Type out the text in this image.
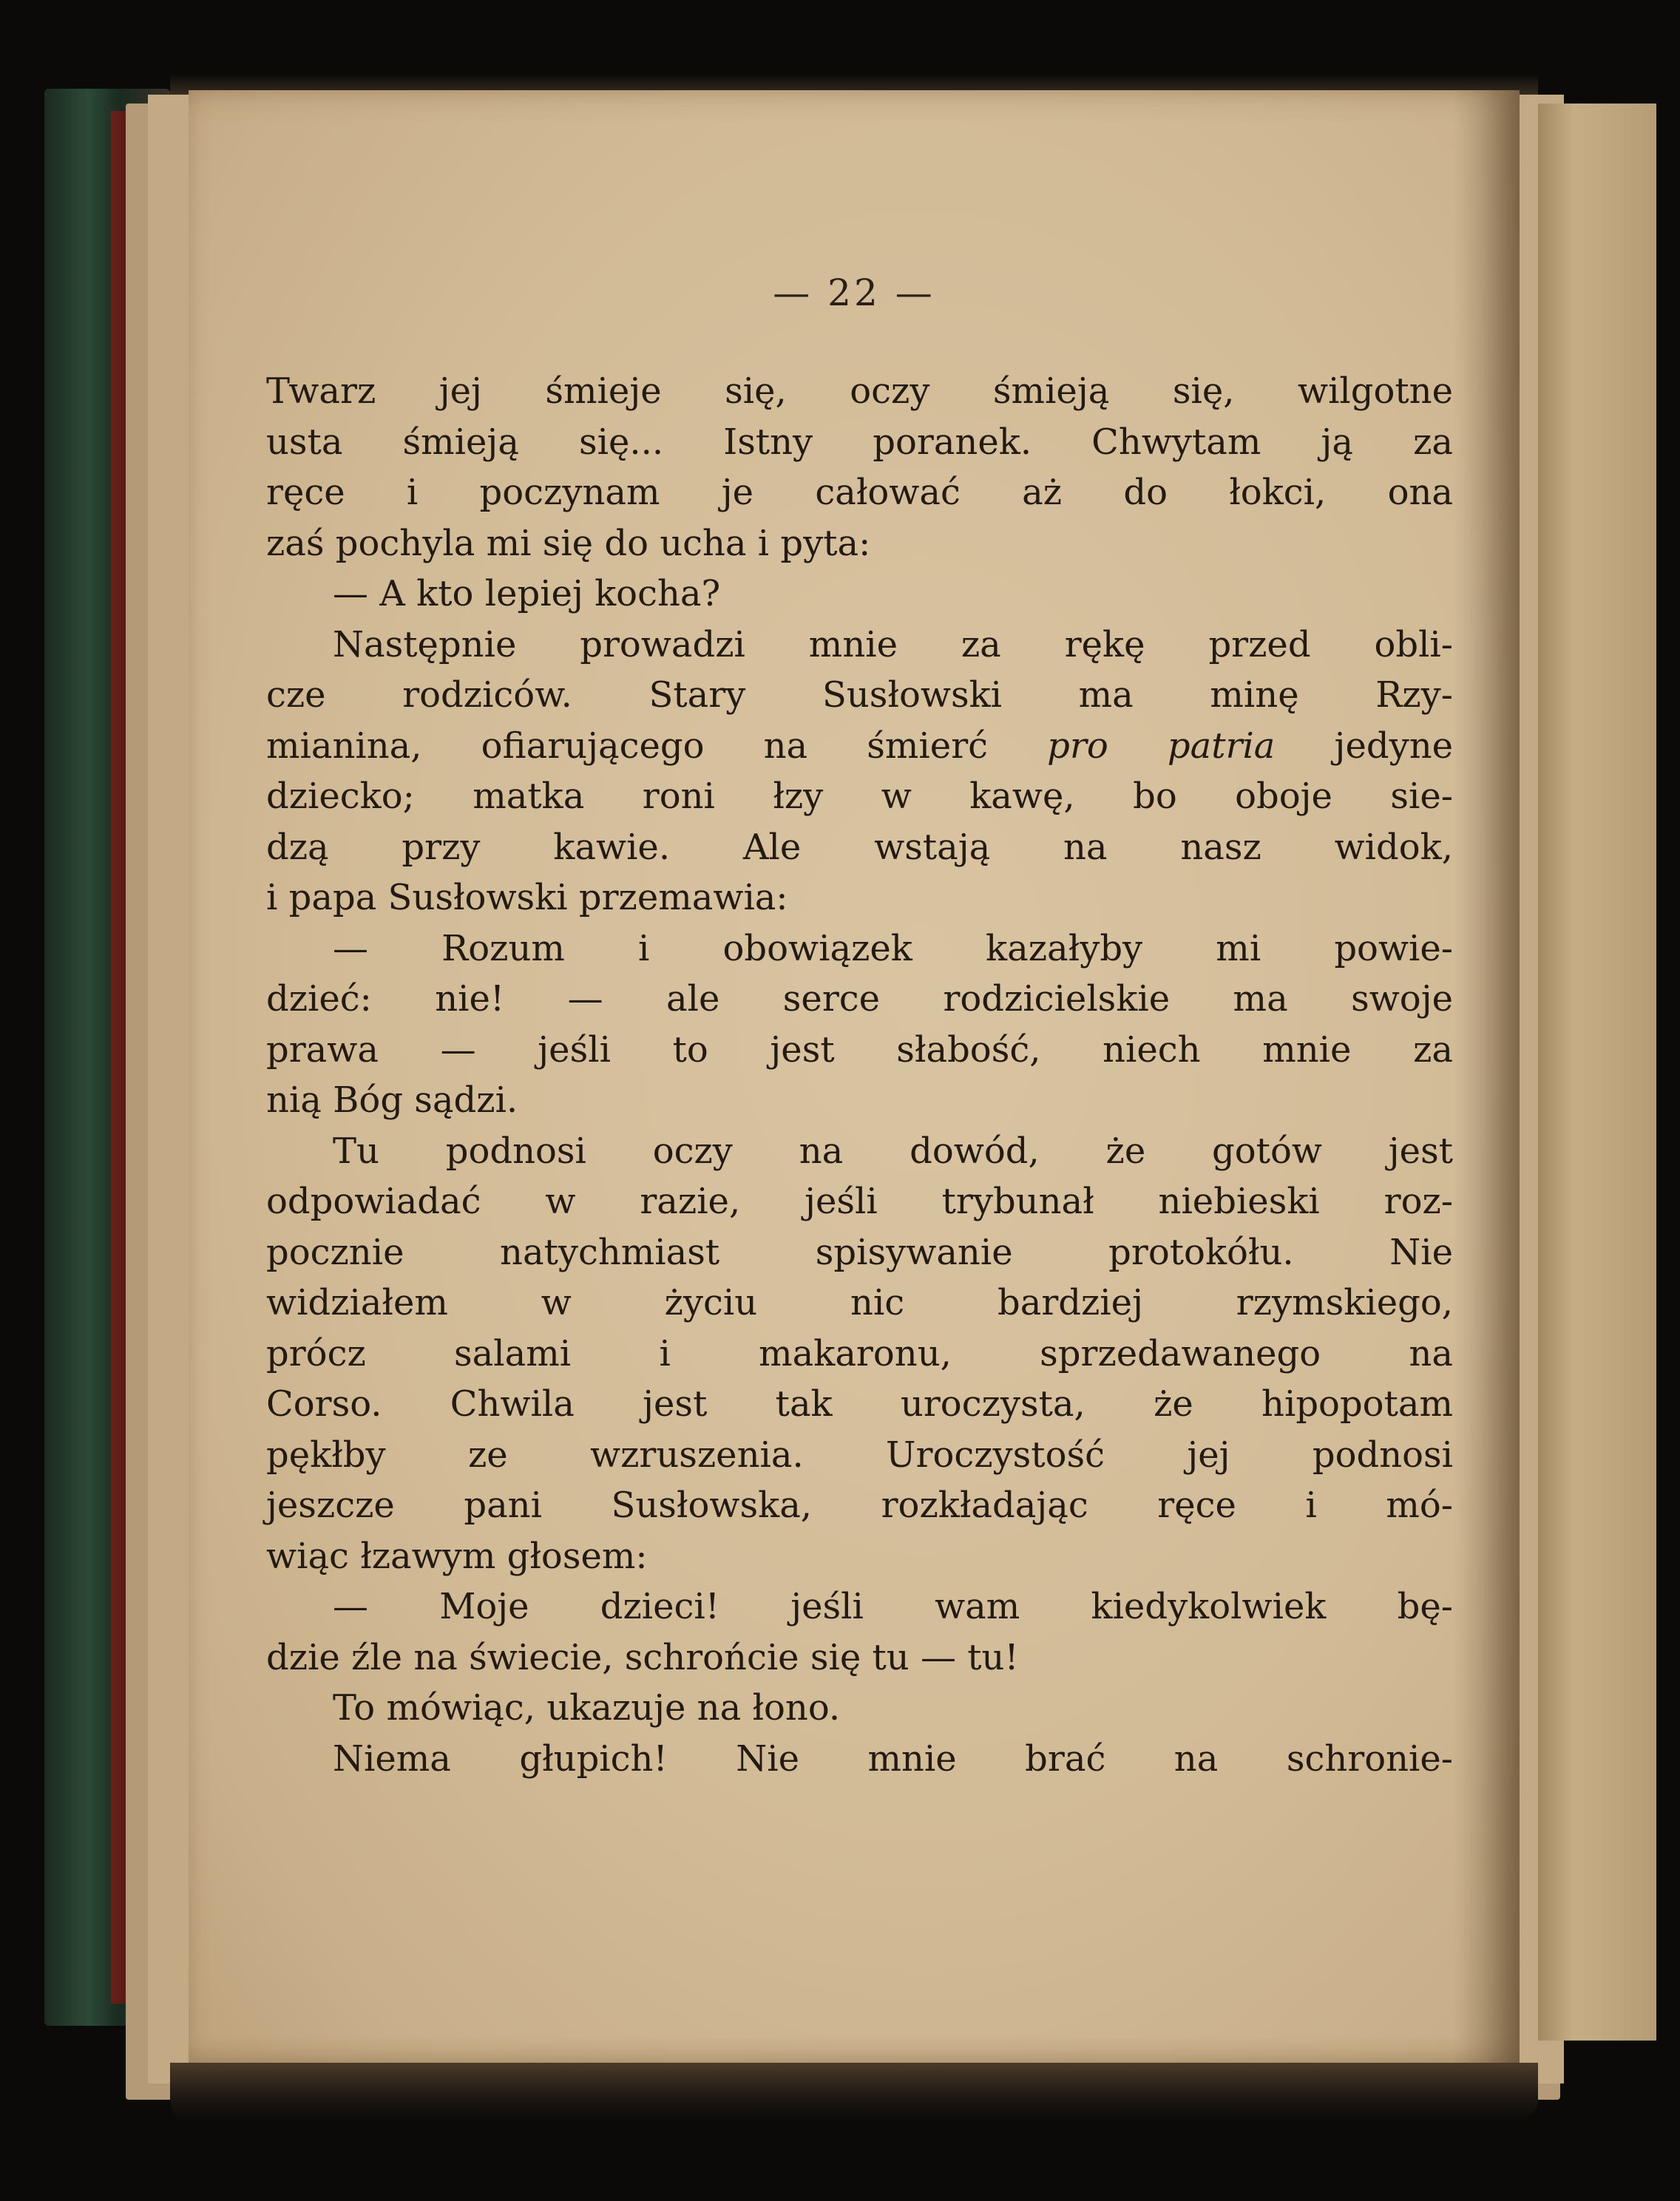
— 22 —
Twarz jej śmieje się, oczy śmieją się, wilgotne
usta śmieją się... Istny poranek. Chwytam ją za
ręce i poczynam je całować aż do łokci, ona
zaś pochyla mi się do ucha i pyta:
— A kto lepiej kocha?
Następnie prowadzi mnie za rękę przed obli-
cze rodziców. Stary Susłowski ma minę Rzy-
mianina, ofiarującego na śmierć pro patria jedyne
dziecko; matka roni łzy w kawę, bo oboje sie-
dzą przy kawie. Ale wstają na nasz widok,
i papa Susłowski przemawia:
— Rozum i obowiązek kazałyby mi powie-
dzieć: nie! — ale serce rodzicielskie ma swoje
prawa — jeśli to jest słabość, niech mnie za
nią Bóg sądzi.
Tu podnosi oczy na dowód, że gotów jest
odpowiadać w razie, jeśli trybunał niebieski roz-
pocznie natychmiast spisywanie protokółu. Nie
widziałem w życiu nic bardziej rzymskiego,
prócz salami i makaronu, sprzedawanego na
Corso. Chwila jest tak uroczysta, że hipopotam
pękłby ze wzruszenia. Uroczystość jej podnosi
jeszcze pani Susłowska, rozkładając ręce i mó-
wiąc łzawym głosem:
— Moje dzieci! jeśli wam kiedykolwiek bę-
dzie źle na świecie, schrońcie się tu — tu!
To mówiąc, ukazuje na łono.
Niema głupich! Nie mnie brać na schronie-
